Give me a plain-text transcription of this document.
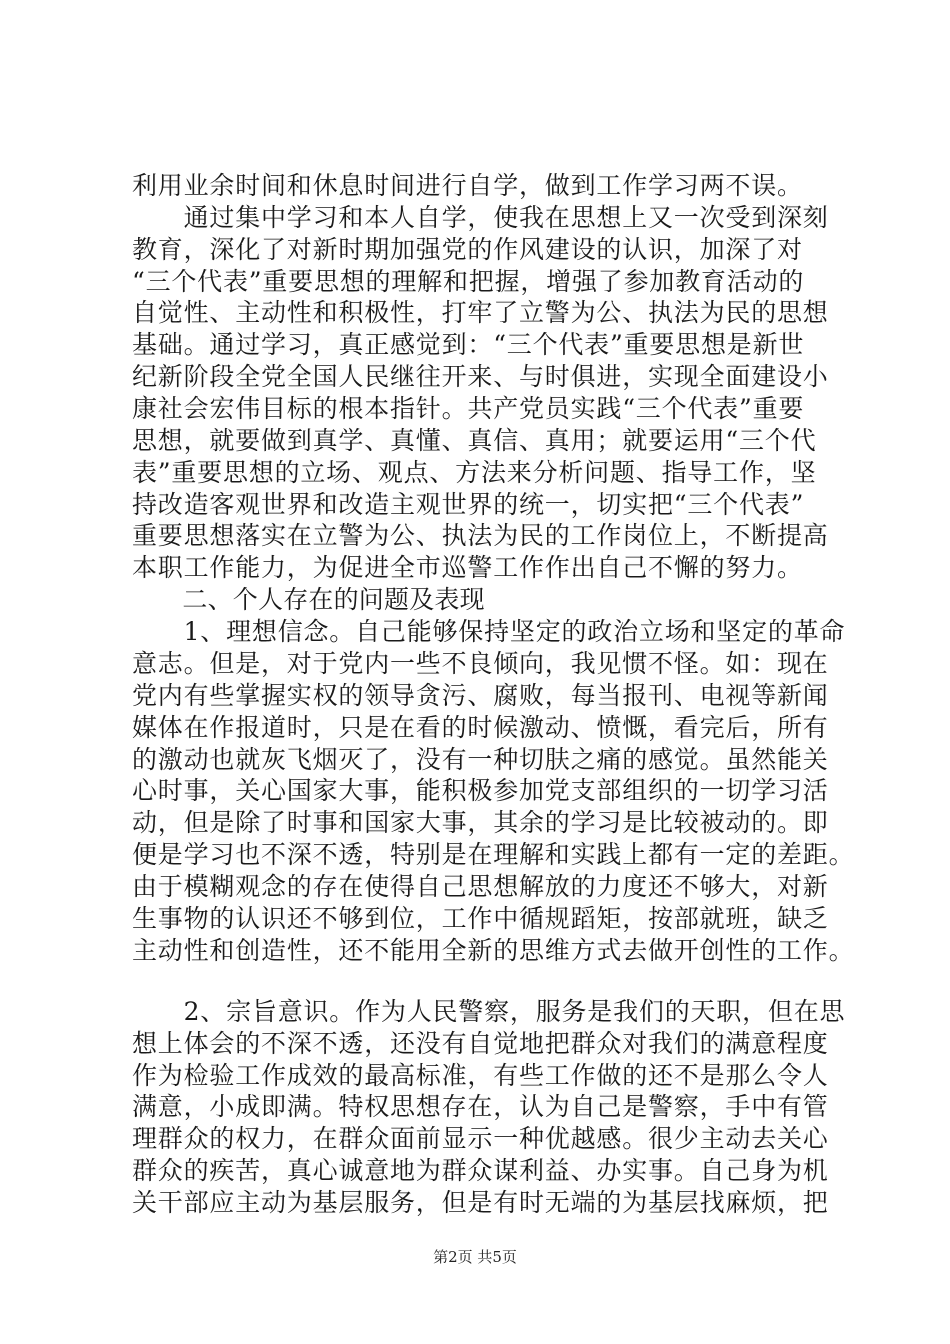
利用业余时间和休息时间进行自学，做到工作学习两不误。
　　通过集中学习和本人自学，使我在思想上又一次受到深刻
教育，深化了对新时期加强党的作风建设的认识，加深了对
“三个代表”重要思想的理解和把握，增强了参加教育活动的
自觉性、主动性和积极性，打牢了立警为公、执法为民的思想
基础。通过学习，真正感觉到：“三个代表”重要思想是新世
纪新阶段全党全国人民继往开来、与时俱进，实现全面建设小
康社会宏伟目标的根本指针。共产党员实践“三个代表”重要
思想，就要做到真学、真懂、真信、真用；就要运用“三个代
表”重要思想的立场、观点、方法来分析问题、指导工作，坚
持改造客观世界和改造主观世界的统一，切实把“三个代表”
重要思想落实在立警为公、执法为民的工作岗位上，不断提高
本职工作能力，为促进全市巡警工作作出自己不懈的努力。
　　二、个人存在的问题及表现
　　1、理想信念。自己能够保持坚定的政治立场和坚定的革命
意志。但是，对于党内一些不良倾向，我见惯不怪。如：现在
党内有些掌握实权的领导贪污、腐败，每当报刊、电视等新闻
媒体在作报道时，只是在看的时候激动、愤慨，看完后，所有
的激动也就灰飞烟灭了，没有一种切肤之痛的感觉。虽然能关
心时事，关心国家大事，能积极参加党支部组织的一切学习活
动，但是除了时事和国家大事，其余的学习是比较被动的。即
便是学习也不深不透，特别是在理解和实践上都有一定的差距。
由于模糊观念的存在使得自己思想解放的力度还不够大，对新
生事物的认识还不够到位，工作中循规蹈矩，按部就班，缺乏
主动性和创造性，还不能用全新的思维方式去做开创性的工作。
　　2、宗旨意识。作为人民警察，服务是我们的天职，但在思
想上体会的不深不透，还没有自觉地把群众对我们的满意程度
作为检验工作成效的最高标准，有些工作做的还不是那么令人
满意，小成即满。特权思想存在，认为自己是警察，手中有管
理群众的权力，在群众面前显示一种优越感。很少主动去关心
群众的疾苦，真心诚意地为群众谋利益、办实事。自己身为机
关干部应主动为基层服务，但是有时无端的为基层找麻烦，把
第2页 共5页
